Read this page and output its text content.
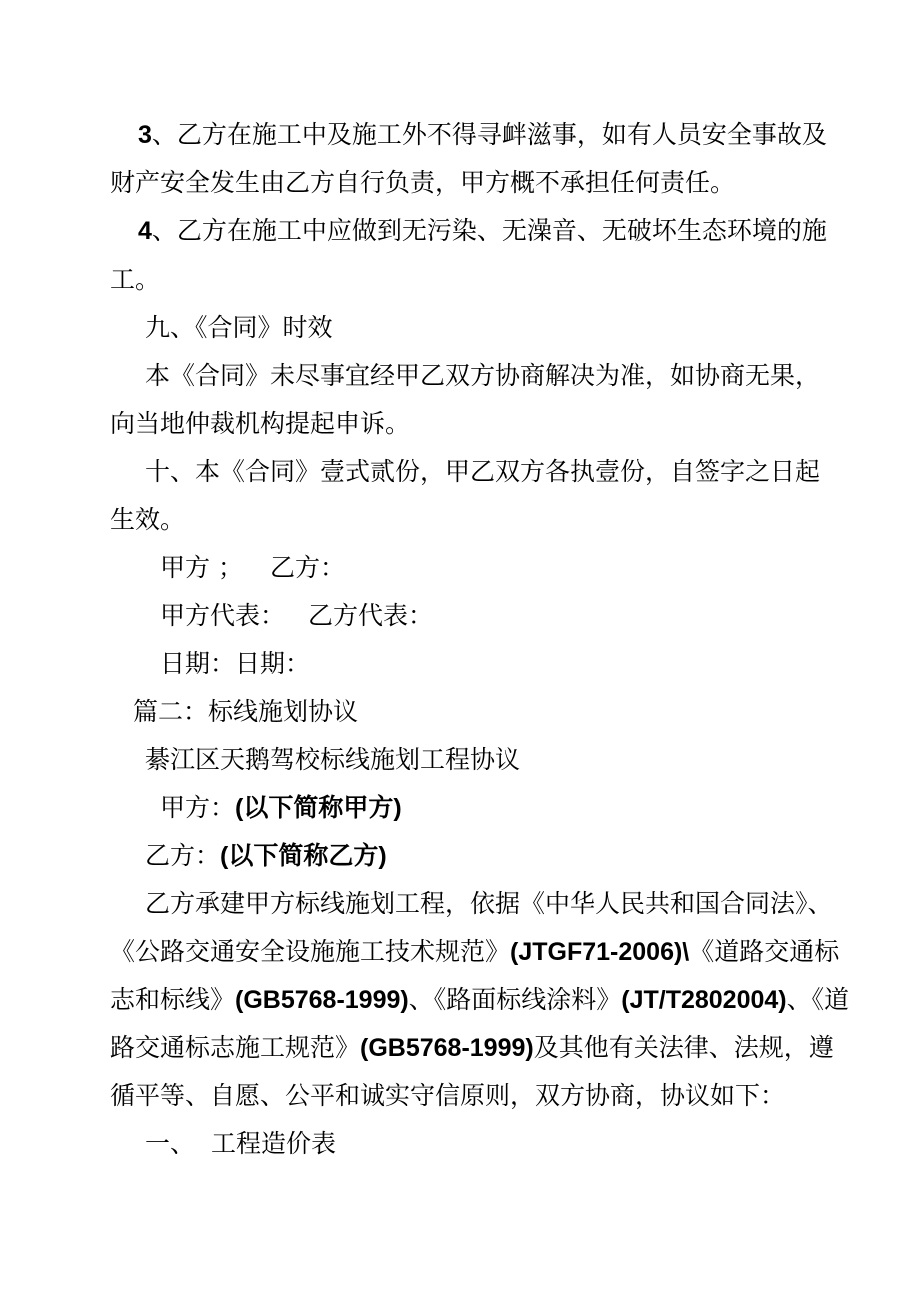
3、乙方在施工中及施工外不得寻衅滋事，如有人员安全事故及
财产安全发生由乙方自行负责，甲方概不承担任何责任。
4、乙方在施工中应做到无污染、无澡音、无破坏生态环境的施
工。
九、《合同》时效
本《合同》未尽事宜经甲乙双方协商解决为准，如协商无果，
向当地仲裁机构提起申诉。
十、本《合同》壹式贰份，甲乙双方各执壹份，自签字之日起
生效。
甲方 ； 乙方：
甲方代表： 乙方代表：
日期： 日期：
篇二：标线施划协议
綦江区天鹅驾校标线施划工程协议
甲方：(以下简称甲方)
乙方：(以下简称乙方)
乙方承建甲方标线施划工程，依据《中华人民共和国合同法》、
《公路交通安全设施施工技术规范》(JTGF71-2006)\《道路交通标
志和标线》(GB5768-1999)、《路面标线涂料》(JT/T2802004)、《道
路交通标志施工规范》(GB5768-1999)及其他有关法律、法规，遵
循平等、自愿、公平和诚实守信原则，双方协商，协议如下：
一、 工程造价表
